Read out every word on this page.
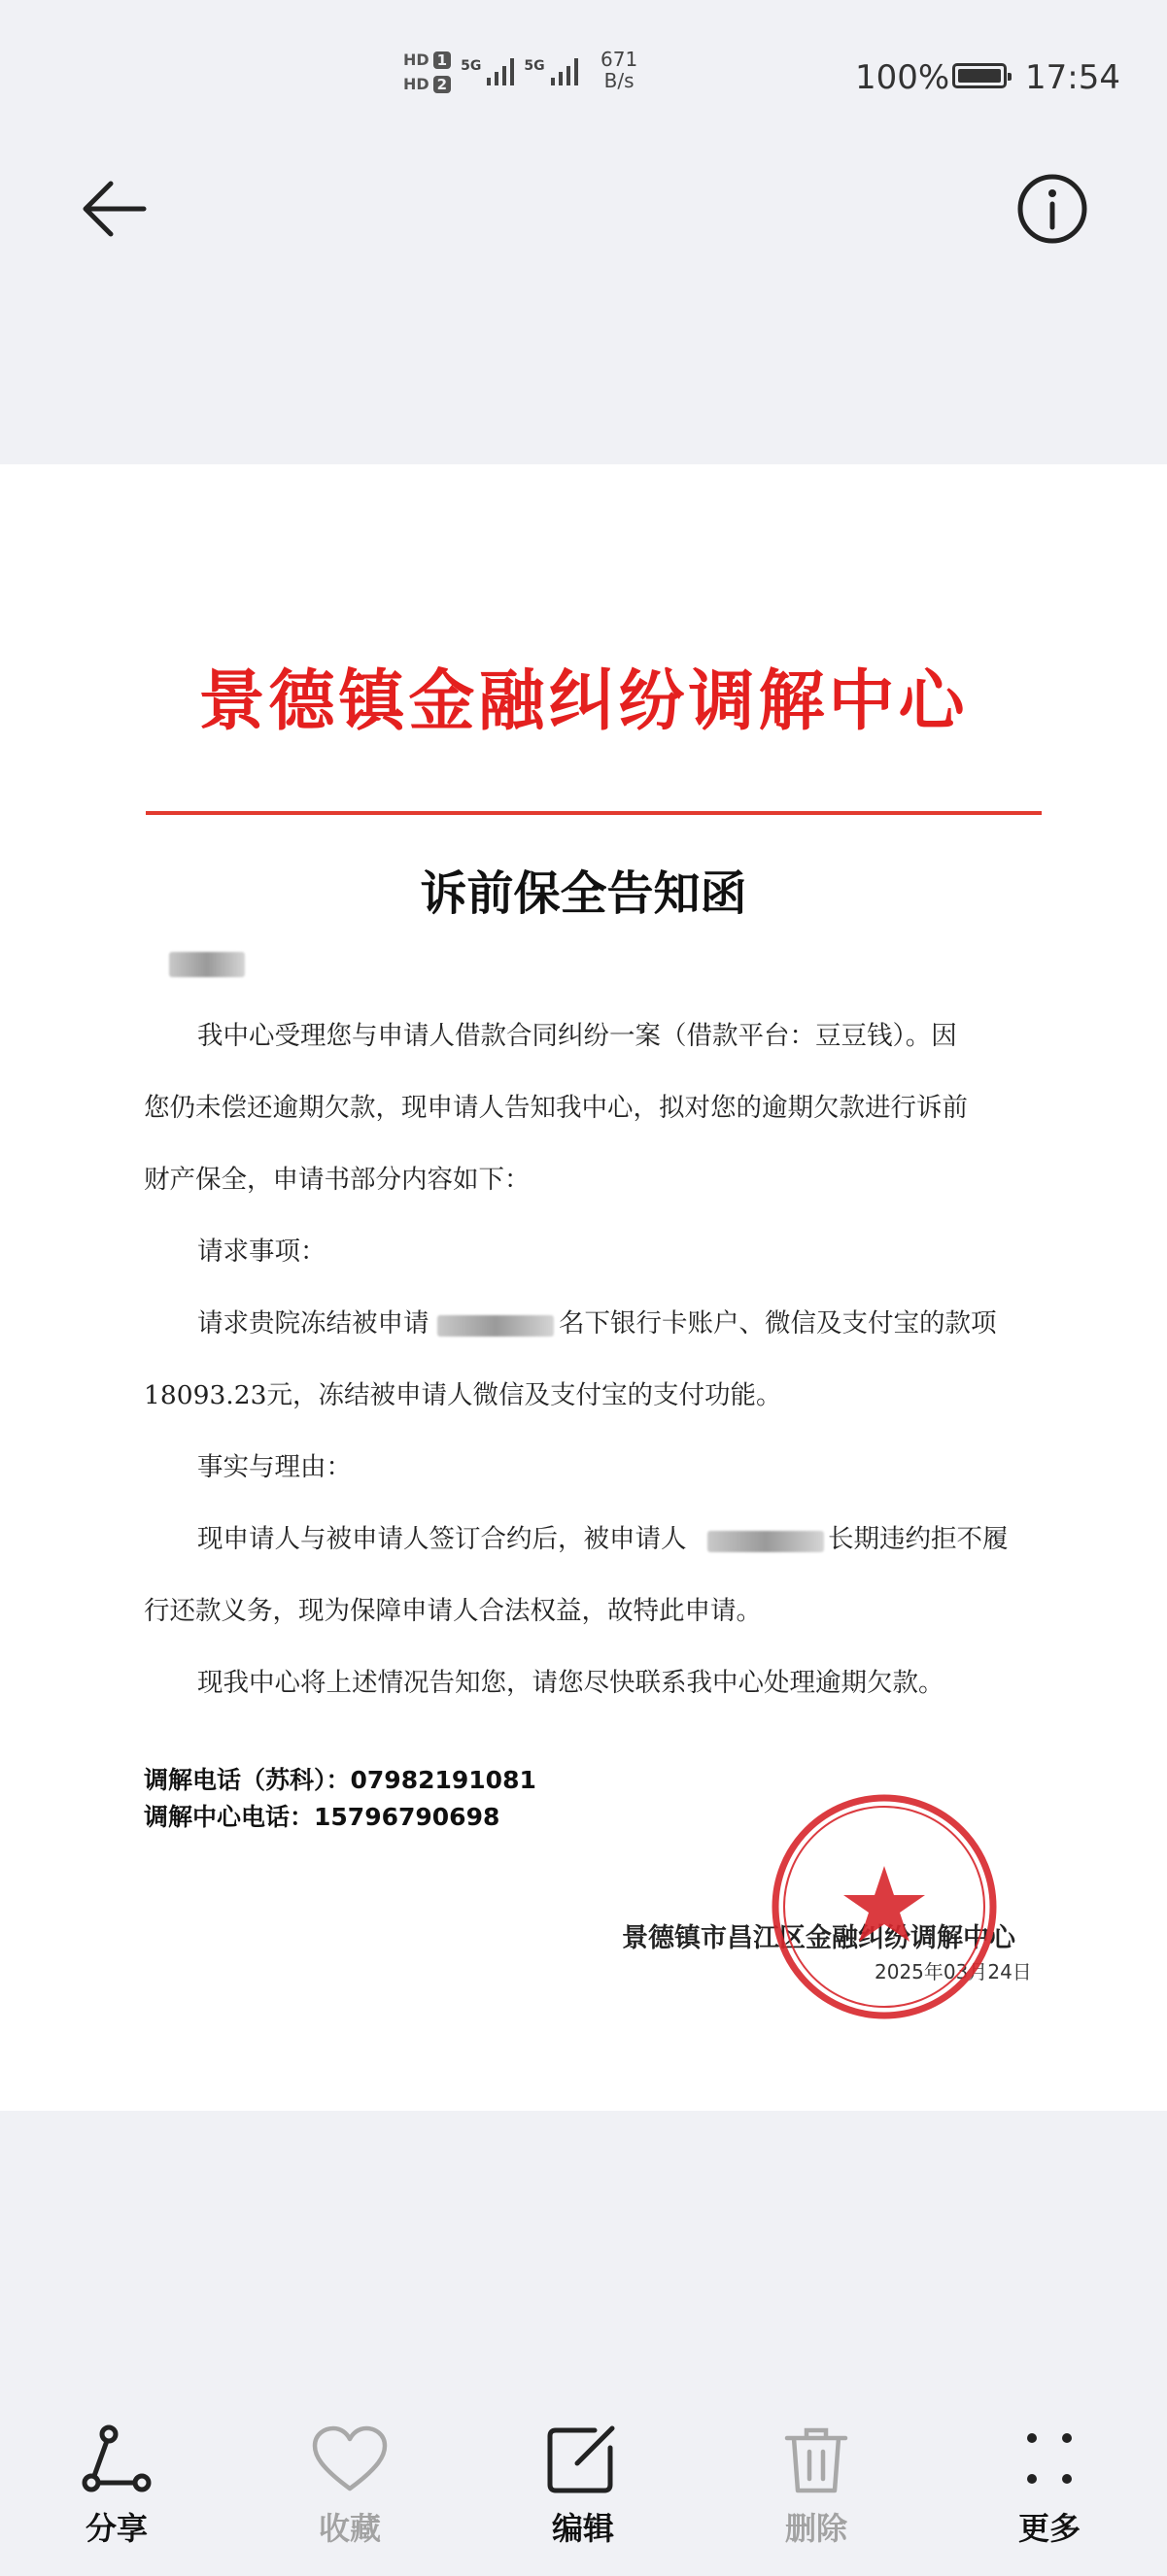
HD 1
HD 2
5G	5G	671
B/s	100% 17:54
景德镇金融纠纷调解中心
诉前保全告知函
我中心受理您与申请人借款合同纠纷一案（借款平台：豆豆钱）。因
您仍未偿还逾期欠款，现申请人告知我中心，拟对您的逾期欠款进行诉前
财产保全，申请书部分内容如下：
请求事项：
请求贵院冻结被申请	名下银行卡账户、微信及支付宝的款项
18093.23元，冻结被申请人微信及支付宝的支付功能。
事实与理由：
现申请人与被申请人签订合约后，被申请人	长期违约拒不履
行还款义务，现为保障申请人合法权益，故特此申请。
现我中心将上述情况告知您，请您尽快联系我中心处理逾期欠款。
调解电话（苏科）：07982191081
调解中心电话：15796790698
景德镇市昌江区金融纠纷调解中心
2025年03月24日
分享	收藏	编辑	删除	更多
